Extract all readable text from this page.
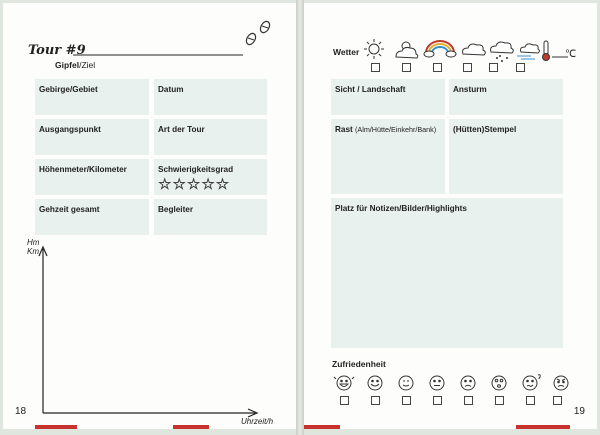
Tour #9
Gipfel/Ziel
Gebirge/Gebiet	Datum
Ausgangspunkt	Art der Tour
Höhenmeter/Kilometer	Schwierigkeitsgrad
☆☆☆☆☆
Gehzeit gesamt	Begleiter
Hm
Km
Uhrzeit/h
18
Wetter	℃
Sicht / Landschaft	Ansturm
Rast (Alm/Hütte/Einkehr/Bank)	(Hütten)Stempel
Platz für Notizen/Bilder/Highlights
Zufriedenheit
19
